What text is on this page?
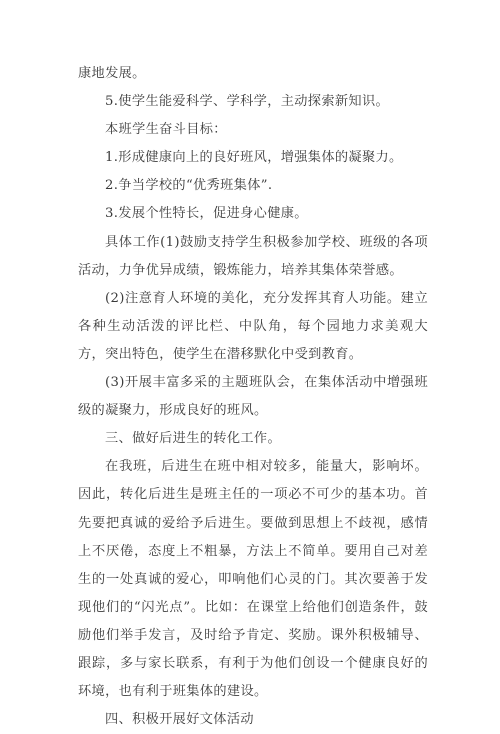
康地发展。

5.使学生能爱科学、学科学，主动探索新知识。

本班学生奋斗目标：

1.形成健康向上的良好班风，增强集体的凝聚力。

2.争当学校的“优秀班集体”.

3.发展个性特长，促进身心健康。

具体工作(1)鼓励支持学生积极参加学校、班级的各项活动，力争优异成绩，锻炼能力，培养其集体荣誉感。

(2)注意育人环境的美化，充分发挥其育人功能。建立各种生动活泼的评比栏、中队角，每个园地力求美观大方，突出特色，使学生在潜移默化中受到教育。

(3)开展丰富多采的主题班队会，在集体活动中增强班级的凝聚力，形成良好的班风。

三、做好后进生的转化工作。

在我班，后进生在班中相对较多，能量大，影响坏。因此，转化后进生是班主任的一项必不可少的基本功。首先要把真诚的爱给予后进生。要做到思想上不歧视，感情上不厌倦，态度上不粗暴，方法上不简单。要用自己对差生的一处真诚的爱心，叩响他们心灵的门。其次要善于发现他们的“闪光点”。比如：在课堂上给他们创造条件，鼓励他们举手发言，及时给予肯定、奖励。课外积极辅导、跟踪，多与家长联系，有利于为他们创设一个健康良好的环境，也有利于班集体的建设。

四、积极开展好文体活动
